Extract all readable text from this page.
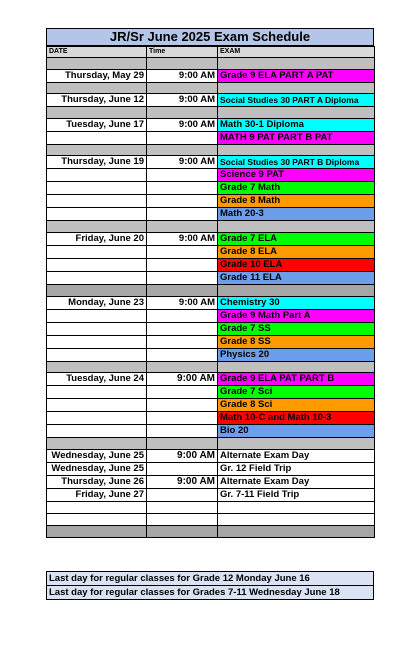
JR/Sr June 2025 Exam Schedule
DATE	Time	EXAM

Thursday, May 29	9:00 AM	Grade 9 ELA PART A PAT

Thursday, June 12	9:00 AM	Social Studies 30 PART A Diploma

Tuesday, June 17	9:00 AM	Math 30-1 Diploma
		MATH 9 PAT PART B PAT

Thursday, June 19	9:00 AM	Social Studies 30 PART B Diploma
		Science 9 PAT
		Grade 7 Math
		Grade 8 Math
		Math 20-3

Friday, June 20	9:00 AM	Grade 7 ELA
		Grade 8 ELA
		Grade 10 ELA
		Grade 11 ELA

Monday, June 23	9:00 AM	Chemistry 30
		Grade 9 Math Part A
		Grade 7 SS
		Grade 8 SS
		Physics 20

Tuesday, June 24	9:00 AM	Grade 9 ELA PAT PART B
		Grade 7 Sci
		Grade 8 Sci
		Math 10-C and Math 10-3
		Bio 20

Wednesday, June 25	9:00 AM	Alternate Exam Day
Wednesday, June 25		Gr. 12 Field Trip
Thursday, June 26	9:00 AM	Alternate Exam Day
Friday, June 27		Gr. 7-11 Field Trip

Last day for regular classes for Grade 12 Monday June 16
Last day for regular classes for Grades 7-11 Wednesday June 18
